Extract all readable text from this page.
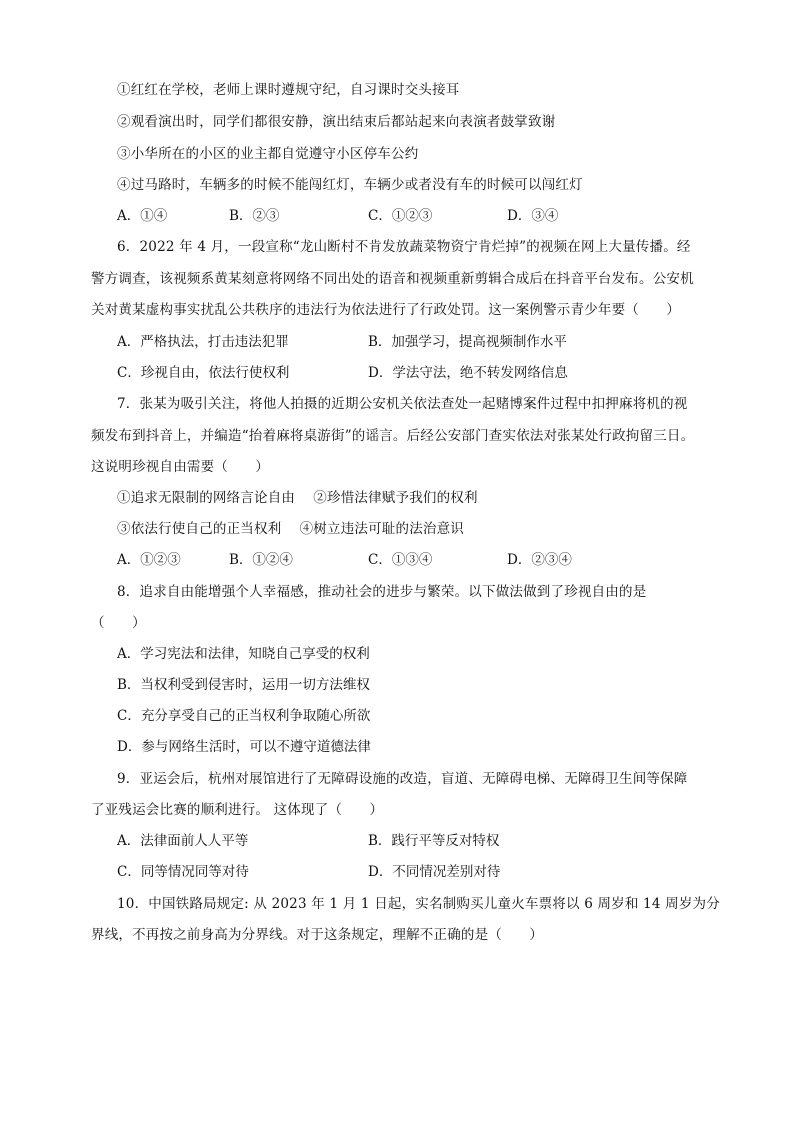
①红红在学校，老师上课时遵规守纪，自习课时交头接耳
②观看演出时，同学们都很安静，演出结束后都站起来向表演者鼓掌致谢
③小华所在的小区的业主都自觉遵守小区停车公约
④过马路时，车辆多的时候不能闯红灯，车辆少或者没有车的时候可以闯红灯
A．①④	B．②③	C．①②③	D．③④
6．2022 年 4 月，一段宣称“龙山断村不肯发放蔬菜物资宁肯烂掉”的视频在网上大量传播。经
警方调查，该视频系黄某刻意将网络不同出处的语音和视频重新剪辑合成后在抖音平台发布。公安机
关对黄某虚构事实扰乱公共秩序的违法行为依法进行了行政处罚。这一案例警示青少年要（　　）
A．严格执法，打击违法犯罪	B．加强学习，提高视频制作水平
C．珍视自由，依法行使权利	D．学法守法，绝不转发网络信息
7．张某为吸引关注，将他人拍摄的近期公安机关依法查处一起赌博案件过程中扣押麻将机的视
频发布到抖音上，并编造“抬着麻将桌游街”的谣言。后经公安部门查实依法对张某处行政拘留三日。
这说明珍视自由需要（　　）
①追求无限制的网络言论自由　 ②珍惜法律赋予我们的权利
③依法行使自己的正当权利　 ④树立违法可耻的法治意识
A．①②③	B．①②④	C．①③④	D．②③④
8．追求自由能增强个人幸福感，推动社会的进步与繁荣。以下做法做到了珍视自由的是
（　　）
A．学习宪法和法律，知晓自己享受的权利
B．当权利受到侵害时，运用一切方法维权
C．充分享受自己的正当权利争取随心所欲
D．参与网络生活时，可以不遵守道德法律
9．亚运会后，杭州对展馆进行了无障碍设施的改造，盲道、无障碍电梯、无障碍卫生间等保障
了亚残运会比赛的顺利进行。 这体现了（　　）
A．法律面前人人平等	B．践行平等反对特权
C．同等情况同等对待	D．不同情况差别对待
10．中国铁路局规定: 从 2023 年 1 月 1 日起，实名制购买儿童火车票将以 6 周岁和 14 周岁为分
界线，不再按之前身高为分界线。对于这条规定，理解不正确的是（　　）
